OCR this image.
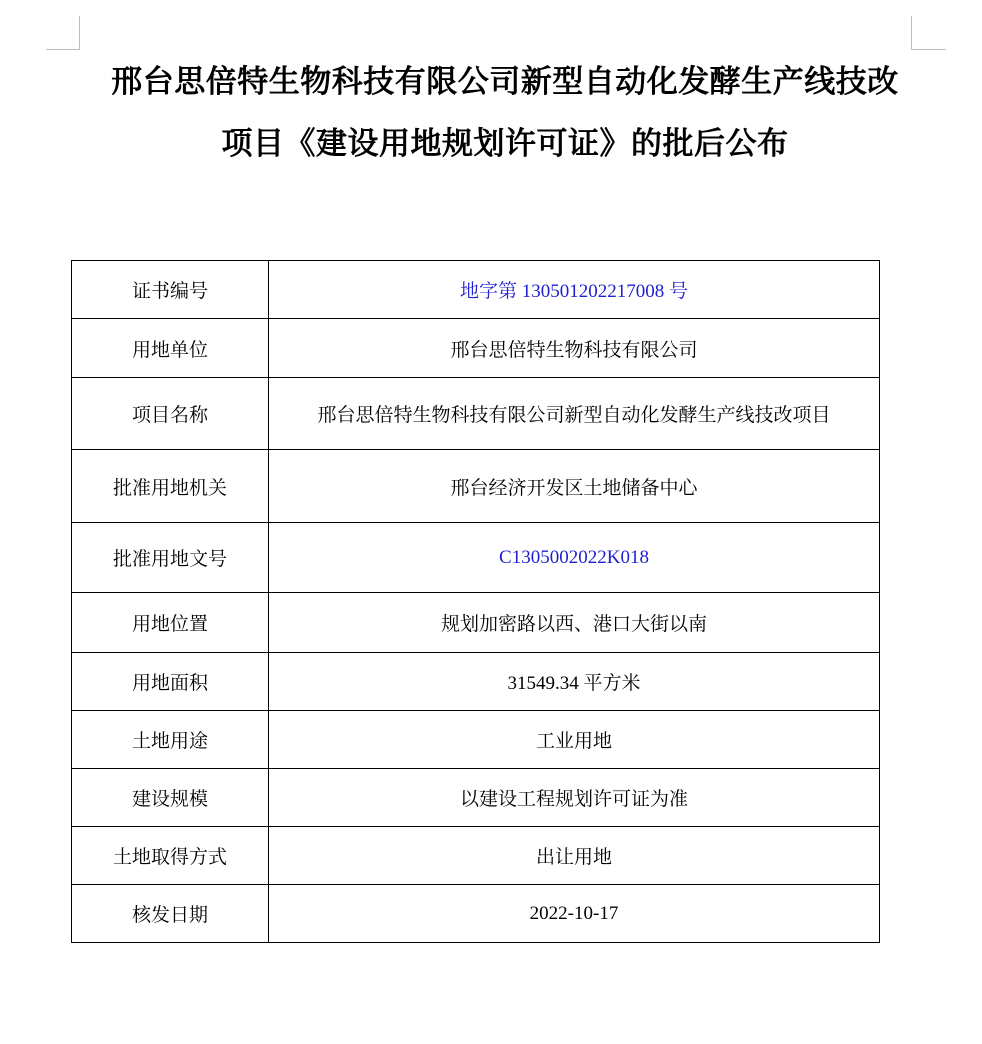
邢台思倍特生物科技有限公司新型自动化发酵生产线技改
项目《建设用地规划许可证》的批后公布
证书编号	地字第 130501202217008 号
用地单位	邢台思倍特生物科技有限公司
项目名称	邢台思倍特生物科技有限公司新型自动化发酵生产线技改项目
批准用地机关	邢台经济开发区土地储备中心
批准用地文号	C1305002022K018
用地位置	规划加密路以西、港口大街以南
用地面积	31549.34 平方米
土地用途	工业用地
建设规模	以建设工程规划许可证为准
土地取得方式	出让用地
核发日期	2022-10-17
